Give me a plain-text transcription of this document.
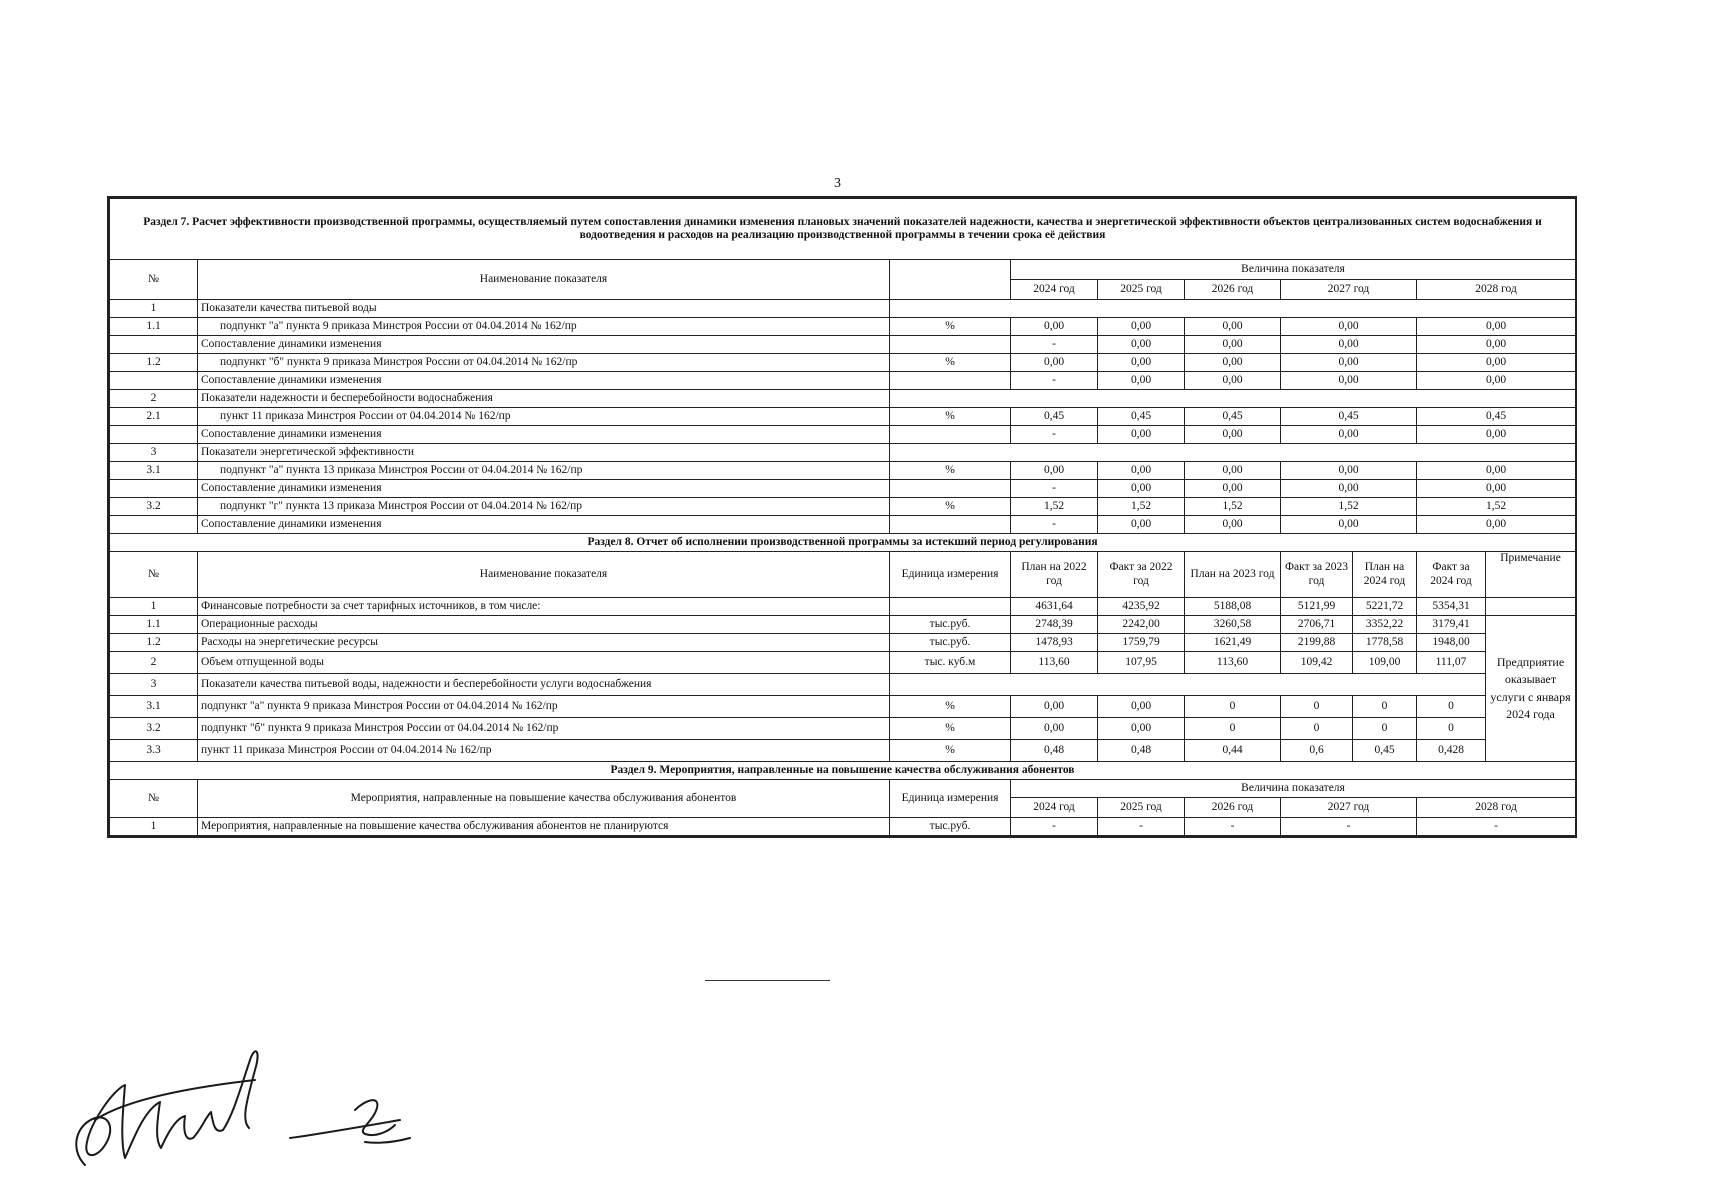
3
Раздел 7. Расчет эффективности производственной программы, осуществляемый путем сопоставления динамики изменения плановых значений показателей надежности, качества и энергетической эффективности объектов централизованных систем водоснабжения и водоотведения и расходов на реализацию производственной программы в течении срока её действия									
№	Наименование показателя		Величина показателя						
			2024 год	2025 год	2026 год	2027 год		2028 год	
1	Показатели качества питьевой воды								
1.1	подпункт "а" пункта 9 приказа Минстроя России от 04.04.2014 № 162/пр	%	0,00	0,00	0,00	0,00		0,00	
	Сопоставление динамики изменения		-	0,00	0,00	0,00		0,00	
1.2	подпункт "б" пункта 9 приказа Минстроя России от 04.04.2014 № 162/пр	%	0,00	0,00	0,00	0,00		0,00	
	Сопоставление динамики изменения		-	0,00	0,00	0,00		0,00	
2	Показатели надежности и бесперебойности водоснабжения								
2.1	пункт 11 приказа Минстроя России от 04.04.2014 № 162/пр	%	0,45	0,45	0,45	0,45		0,45	
	Сопоставление динамики изменения		-	0,00	0,00	0,00		0,00	
3	Показатели энергетической эффективности								
3.1	подпункт "а" пункта 13 приказа Минстроя России от 04.04.2014 № 162/пр	%	0,00	0,00	0,00	0,00		0,00	
	Сопоставление динамики изменения		-	0,00	0,00	0,00		0,00	
3.2	подпункт "г" пункта 13 приказа Минстроя России от 04.04.2014 № 162/пр	%	1,52	1,52	1,52	1,52		1,52	
	Сопоставление динамики изменения		-	0,00	0,00	0,00		0,00	
Раздел 8. Отчет об исполнении производственной программы за истекший период регулирования									
№	Наименование показателя	Единица измерения	План на 2022 год	Факт за 2022 год	План на 2023 год	Факт за 2023 год	План на 2024 год	Факт за 2024 год	Примечание
1	Финансовые потребности за счет тарифных источников, в том числе:		4631,64	4235,92	5188,08	5121,99	5221,72	5354,31	
1.1	Операционные расходы	тыс.руб.	2748,39	2242,00	3260,58	2706,71	3352,22	3179,41	Предприятие оказывает услуги с января 2024 года
1.2	Расходы на энергетические ресурсы	тыс.руб.	1478,93	1759,79	1621,49	2199,88	1778,58	1948,00	
2	Объем отпущенной воды	тыс. куб.м	113,60	107,95	113,60	109,42	109,00	111,07	
3	Показатели качества питьевой воды, надежности и бесперебойности услуги водоснабжения								
3.1	подпункт "а" пункта 9 приказа Минстроя России от 04.04.2014 № 162/пр	%	0,00	0,00	0	0	0	0	
3.2	подпункт "б" пункта 9 приказа Минстроя России от 04.04.2014 № 162/пр	%	0,00	0,00	0	0	0	0	
3.3	пункт 11 приказа Минстроя России от 04.04.2014 № 162/пр	%	0,48	0,48	0,44	0,6	0,45	0,428	
Раздел 9. Мероприятия, направленные на повышение качества обслуживания абонентов									
№	Мероприятия, направленные на повышение качества обслуживания абонентов	Единица измерения	Величина показателя						
			2024 год	2025 год	2026 год	2027 год		2028 год	
1	Мероприятия, направленные на повышение качества обслуживания абонентов не планируются	тыс.руб.	-	-	-	-		-	
